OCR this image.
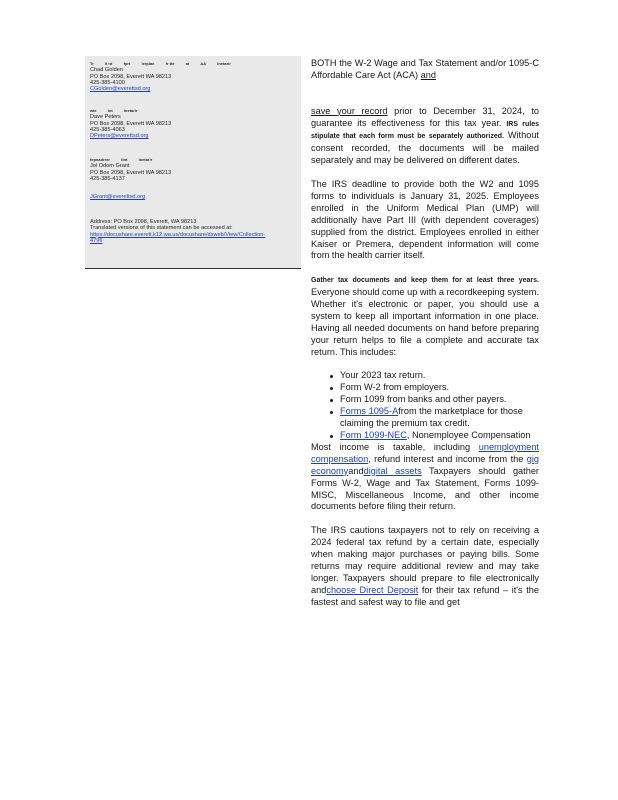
Tr	ll rd	fprt	lerplae	fr tte	at	AA	lnetarir
Chad Golden
PO Box 2098, Everett WA 98213
425-385-4100
CGolden@everettsd.org
wte	lnt	lnetarir
Dave Peters
PO Box 2098, Everett WA 98213
425-385-4063
DPeters@everettsd.org
fepnadrrer	tlnt	lnetarir
Jol Odom Grant
PO Box 2098, Everett WA 98213
425-385-4137
JGrant@everettsd.org
Address: PO Box 2098, Everett, WA 98213
Translated versions of this statement can be accessed at:
https://docushare.everett.k12.wa.us/docushare/dsweb/View/Collection-
4796

BOTH the W-2 Wage and Tax Statement and/or 1095-C Affordable Care Act (ACA) and

save your record prior to December 31, 2024, to guarantee its effectiveness for this tax year. IRS rules stipulate that each form must be separately authorized. Without consent recorded, the documents will be mailed separately and may be delivered on different dates.

The IRS deadline to provide both the W2 and 1095 forms to individuals is January 31, 2025. Employees enrolled in the Uniform Medical Plan (UMP) will additionally have Part III (with dependent coverages) supplied from the district. Employees enrolled in either Kaiser or Premera, dependent information will come from the health carrier itself.

Gather tax documents and keep them for at least three years. Everyone should come up with a recordkeeping system. Whether it's electronic or paper, you should use a system to keep all important information in one place. Having all needed documents on hand before preparing your return helps to file a complete and accurate tax return. This includes:

Your 2023 tax return.
Form W-2 from employers.
Form 1099 from banks and other payers.
Forms 1095-Afrom the marketplace for those claiming the premium tax credit.
Form 1099-NEC, Nonemployee Compensation

Most income is taxable, including unemployment compensation, refund interest and income from the gig economyanddigital assets Taxpayers should gather Forms W-2, Wage and Tax Statement, Forms 1099-MISC, Miscellaneous Income, and other income documents before filing their return.

The IRS cautions taxpayers not to rely on receiving a 2024 federal tax refund by a certain date, especially when making major purchases or paying bills. Some returns may require additional review and may take longer. Taxpayers should prepare to file electronically andchoose Direct Deposit for their tax refund – it's the fastest and safest way to file and get
